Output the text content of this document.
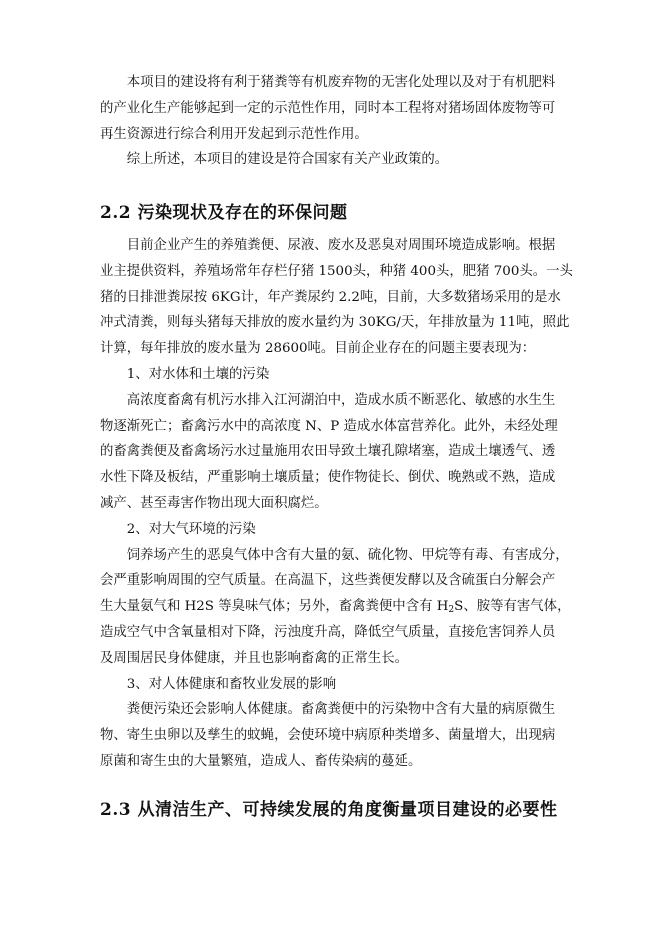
　　本项目的建设将有利于猪粪等有机废弃物的无害化处理以及对于有机肥料
的产业化生产能够起到一定的示范性作用，同时本工程将对猪场固体废物等可
再生资源进行综合利用开发起到示范性作用。
　　综上所述，本项目的建设是符合国家有关产业政策的。
2.2 污染现状及存在的环保问题
　　目前企业产生的养殖粪便、尿液、废水及恶臭对周围环境造成影响。根据
业主提供资料，养殖场常年存栏仔猪 1500头，种猪 400头，肥猪 700头。一头
猪的日排泄粪尿按 6KG计，年产粪尿约 2.2吨，目前，大多数猪场采用的是水
冲式清粪，则每头猪每天排放的废水量约为 30KG/天，年排放量为 11吨，照此
计算，每年排放的废水量为 28600吨。目前企业存在的问题主要表现为：
　　1、对水体和土壤的污染
　　高浓度畜禽有机污水排入江河湖泊中，造成水质不断恶化、敏感的水生生
物逐渐死亡；畜禽污水中的高浓度 N、P 造成水体富营养化。此外，未经处理
的畜禽粪便及畜禽场污水过量施用农田导致土壤孔隙堵塞，造成土壤透气、透
水性下降及板结，严重影响土壤质量；使作物徒长、倒伏、晚熟或不熟，造成
减产、甚至毒害作物出现大面积腐烂。
　　2、对大气环境的污染
　　饲养场产生的恶臭气体中含有大量的氨、硫化物、甲烷等有毒、有害成分，
会严重影响周围的空气质量。在高温下，这些粪便发酵以及含硫蛋白分解会产
生大量氨气和 H2S 等臭味气体；另外，畜禽粪便中含有 $H_2S$、胺等有害气体，
造成空气中含氧量相对下降，污浊度升高，降低空气质量，直接危害饲养人员
及周围居民身体健康，并且也影响畜禽的正常生长。
　　3、对人体健康和畜牧业发展的影响
　　粪便污染还会影响人体健康。畜禽粪便中的污染物中含有大量的病原微生
物、寄生虫卵以及孳生的蚊蝇，会使环境中病原种类增多、菌量增大，出现病
原菌和寄生虫的大量繁殖，造成人、畜传染病的蔓延。
2.3 从清洁生产、可持续发展的角度衡量项目建设的必要性
